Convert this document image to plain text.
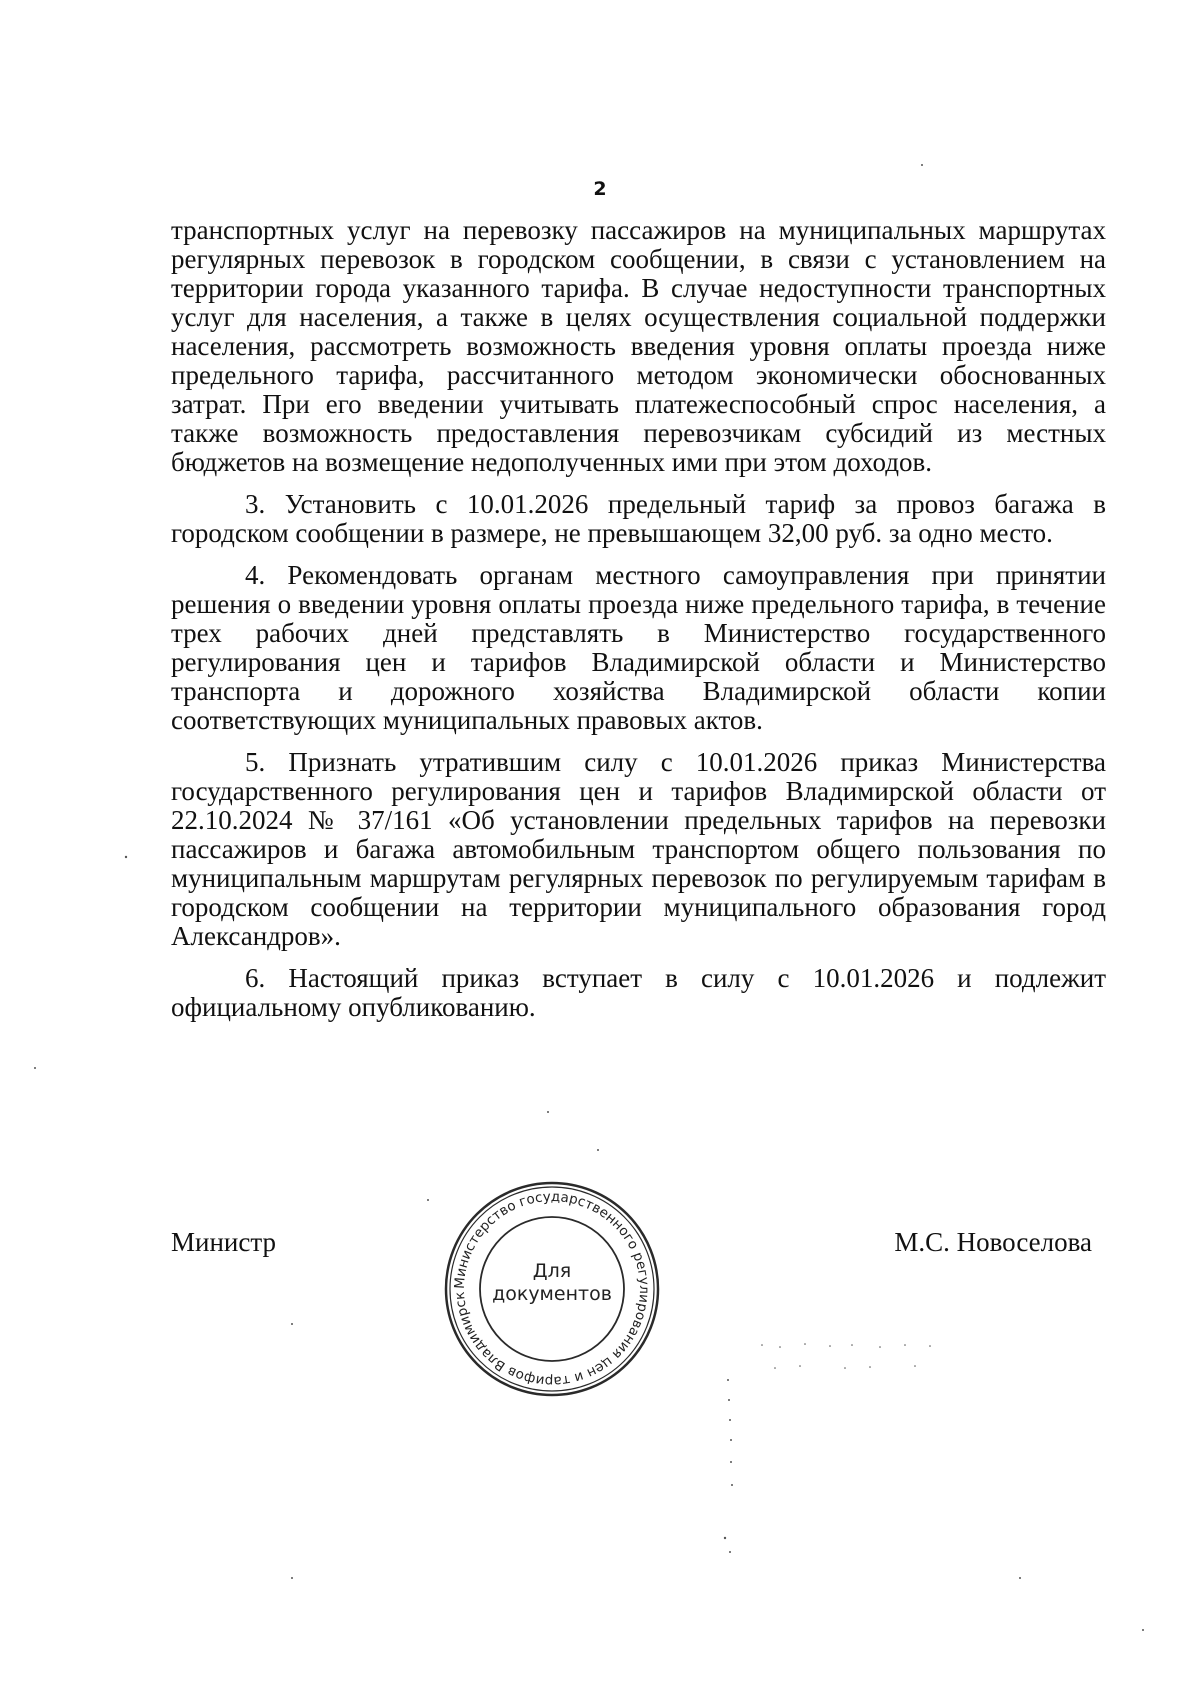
2

транспортных услуг на перевозку пассажиров на муниципальных маршрутах регулярных перевозок в городском сообщении, в связи с установлением на территории города указанного тарифа. В случае недоступности транспортных услуг для населения, а также в целях осуществления социальной поддержки населения, рассмотреть возможность введения уровня оплаты проезда ниже предельного тарифа, рассчитанного методом экономически обоснованных затрат. При его введении учитывать платежеспособный спрос населения, а также возможность предоставления перевозчикам субсидий из местных бюджетов на возмещение недополученных ими при этом доходов.

3. Установить с 10.01.2026 предельный тариф за провоз багажа в городском сообщении в размере, не превышающем 32,00 руб. за одно место.

4. Рекомендовать органам местного самоуправления при принятии решения о введении уровня оплаты проезда ниже предельного тарифа, в течение трех рабочих дней представлять в Министерство государственного регулирования цен и тарифов Владимирской области и Министерство транспорта и дорожного хозяйства Владимирской области копии соответствующих муниципальных правовых актов.

5. Признать утратившим силу с 10.01.2026 приказ Министерства государственного регулирования цен и тарифов Владимирской области от 22.10.2024 № 37/161 «Об установлении предельных тарифов на перевозки пассажиров и багажа автомобильным транспортом общего пользования по муниципальным маршрутам регулярных перевозок по регулируемым тарифам в городском сообщении на территории муниципального образования город Александров».

6. Настоящий приказ вступает в силу с 10.01.2026 и подлежит официальному опубликованию.

Министр	М.С. Новоселова
Министерство государственного регулирования цен и тарифов Владимирск
Для
документов
